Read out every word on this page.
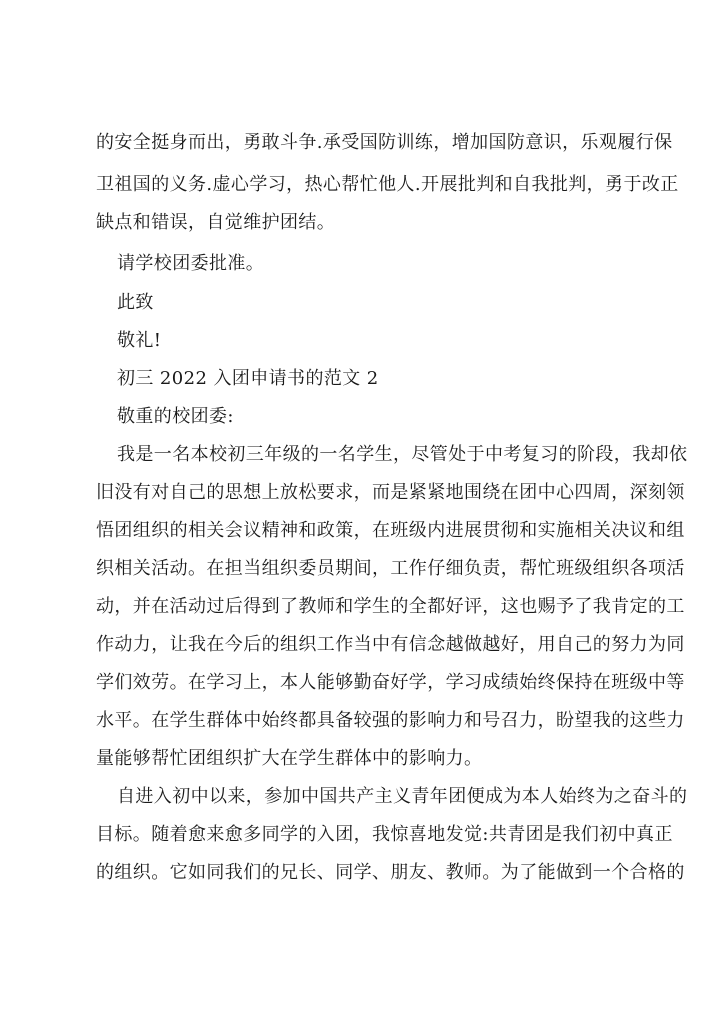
的安全挺身而出，勇敢斗争.承受国防训练，增加国防意识，乐观履行保
卫祖国的义务.虚心学习，热心帮忙他人.开展批判和自我批判，勇于改正
缺点和错误，自觉维护团结。
请学校团委批准。
此致
敬礼!
初三 2022 入团申请书的范文 2
敬重的校团委:
我是一名本校初三年级的一名学生，尽管处于中考复习的阶段，我却依
旧没有对自己的思想上放松要求，而是紧紧地围绕在团中心四周，深刻领
悟团组织的相关会议精神和政策，在班级内进展贯彻和实施相关决议和组
织相关活动。在担当组织委员期间，工作仔细负责，帮忙班级组织各项活
动，并在活动过后得到了教师和学生的全都好评，这也赐予了我肯定的工
作动力，让我在今后的组织工作当中有信念越做越好，用自己的努力为同
学们效劳。在学习上，本人能够勤奋好学，学习成绩始终保持在班级中等
水平。在学生群体中始终都具备较强的影响力和号召力，盼望我的这些力
量能够帮忙团组织扩大在学生群体中的影响力。
自进入初中以来，参加中国共产主义青年团便成为本人始终为之奋斗的
目标。随着愈来愈多同学的入团，我惊喜地发觉:共青团是我们初中真正
的组织。它如同我们的兄长、同学、朋友、教师。为了能做到一个合格的
